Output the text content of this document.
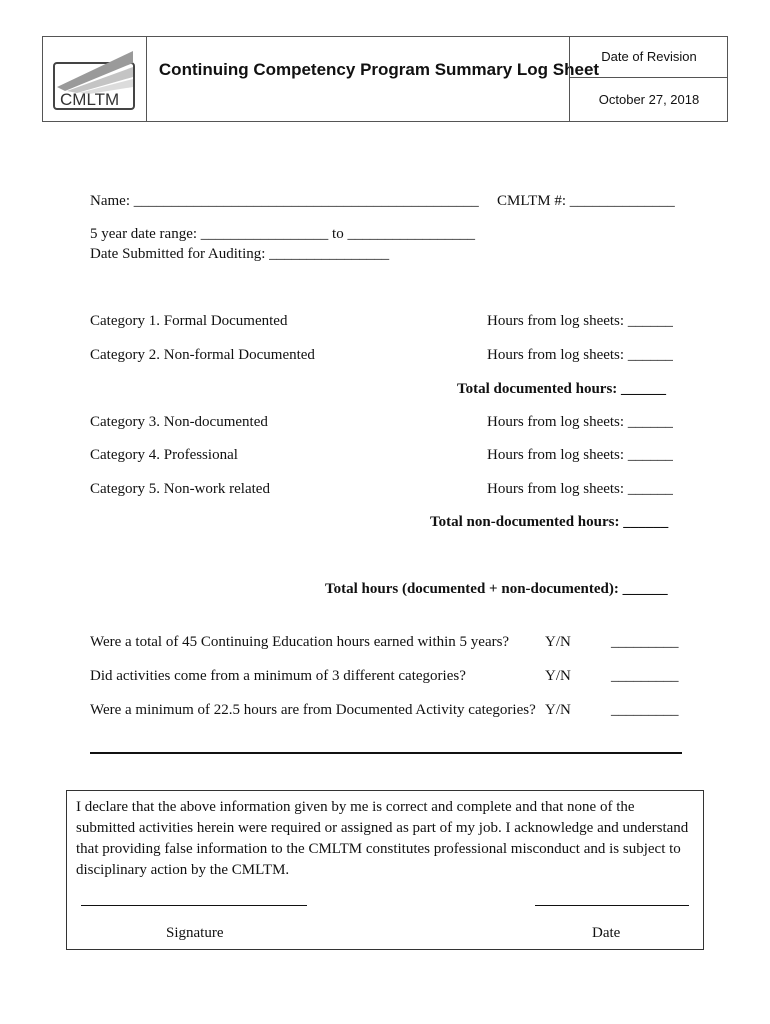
CMLTM
Continuing Competency Program Summary Log Sheet
Date of Revision
October 27, 2018
Name: ______________________________________________ CMLTM #: ______________
5 year date range: _________________ to _________________
Date Submitted for Auditing: ________________
Category 1. Formal Documented	Hours from log sheets: ______
Category 2. Non-formal Documented	Hours from log sheets: ______
Total documented hours: ______
Category 3. Non-documented	Hours from log sheets: ______
Category 4. Professional	Hours from log sheets: ______
Category 5. Non-work related	Hours from log sheets: ______
Total non-documented hours: ______
Total hours (documented + non-documented): ______
Were a total of 45 Continuing Education hours earned within 5 years? Y/N	_________
Did activities come from a minimum of 3 different categories?	Y/N	_________
Were a minimum of 22.5 hours are from Documented Activity categories? Y/N	_________
I declare that the above information given by me is correct and complete and that none of the submitted activities herein were required or assigned as part of my job. I acknowledge and understand that providing false information to the CMLTM constitutes professional misconduct and is subject to disciplinary action by the CMLTM.
Signature	Date
